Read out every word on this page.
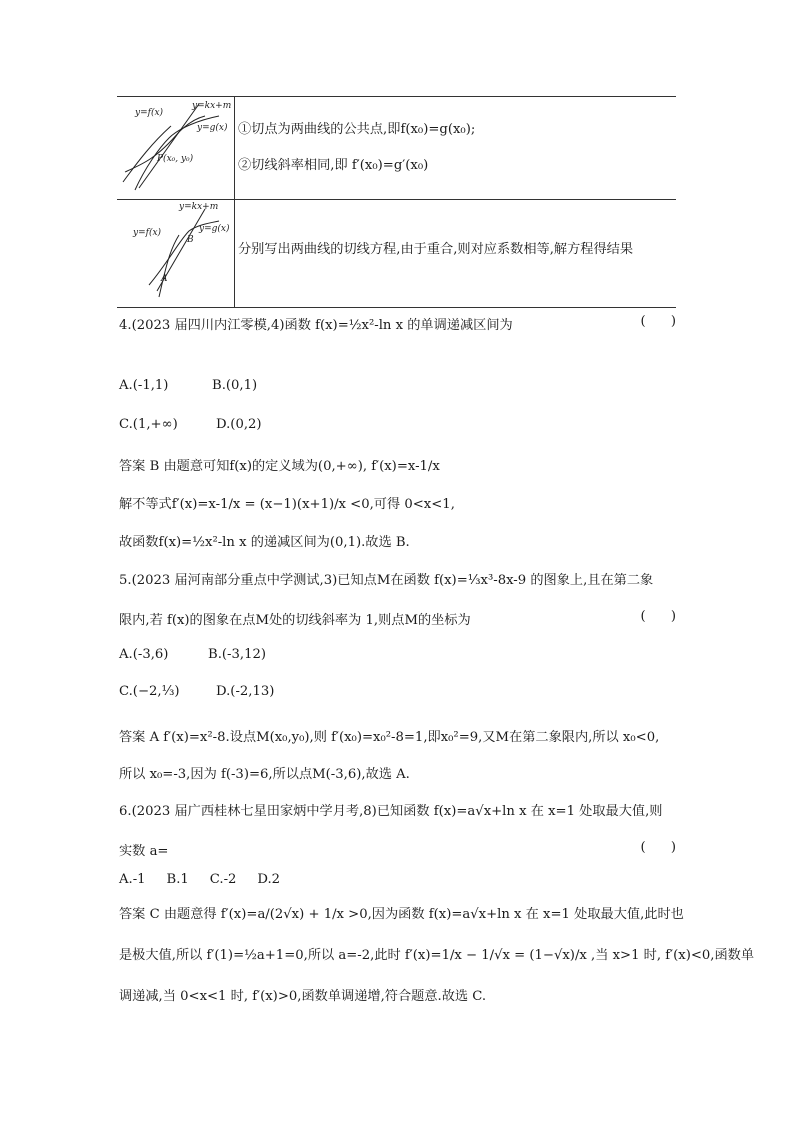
y=f(x)
y=kx+m
y=g(x)
P(x₀, y₀)
①切点为两曲线的公共点,即f(x₀)=g(x₀);
②切线斜率相同,即 f′(x₀)=g′(x₀)
y=kx+m
y=g(x)
y=f(x)
B
A
分别写出两曲线的切线方程,由于重合,则对应系数相等,解方程得结果
4.(2023 届四川内江零模,4)函数 f(x)=½x²-ln x 的单调递减区间为	(      )
A.(-1,1)	B.(0,1)
C.(1,+∞)	D.(0,2)
答案 B 由题意可知f(x)的定义域为(0,+∞), f′(x)=x-1/x
解不等式f′(x)=x-1/x = (x−1)(x+1)/x <0,可得 0<x<1,
故函数f(x)=½x²-ln x 的递减区间为(0,1).故选 B.
5.(2023 届河南部分重点中学测试,3)已知点M在函数 f(x)=⅓x³-8x-9 的图象上,且在第二象
限内,若 f(x)的图象在点M处的切线斜率为 1,则点M的坐标为	(      )
A.(-3,6)	B.(-3,12)
C.(−2,⅓)	D.(-2,13)
答案 A f′(x)=x²-8.设点M(x₀,y₀),则 f′(x₀)=x₀²-8=1,即x₀²=9,又M在第二象限内,所以 x₀<0,
所以 x₀=-3,因为 f(-3)=6,所以点M(-3,6),故选 A.
6.(2023 届广西桂林七星田家炳中学月考,8)已知函数 f(x)=a√x+ln x 在 x=1 处取最大值,则
实数 a=	(      )
A.-1     B.1     C.-2     D.2
答案 C 由题意得 f′(x)=a/(2√x) + 1/x >0,因为函数 f(x)=a√x+ln x 在 x=1 处取最大值,此时也
是极大值,所以 f′(1)=½a+1=0,所以 a=-2,此时 f′(x)=1/x − 1/√x = (1−√x)/x ,当 x>1 时, f′(x)<0,函数单
调递减,当 0<x<1 时, f′(x)>0,函数单调递增,符合题意.故选 C.
